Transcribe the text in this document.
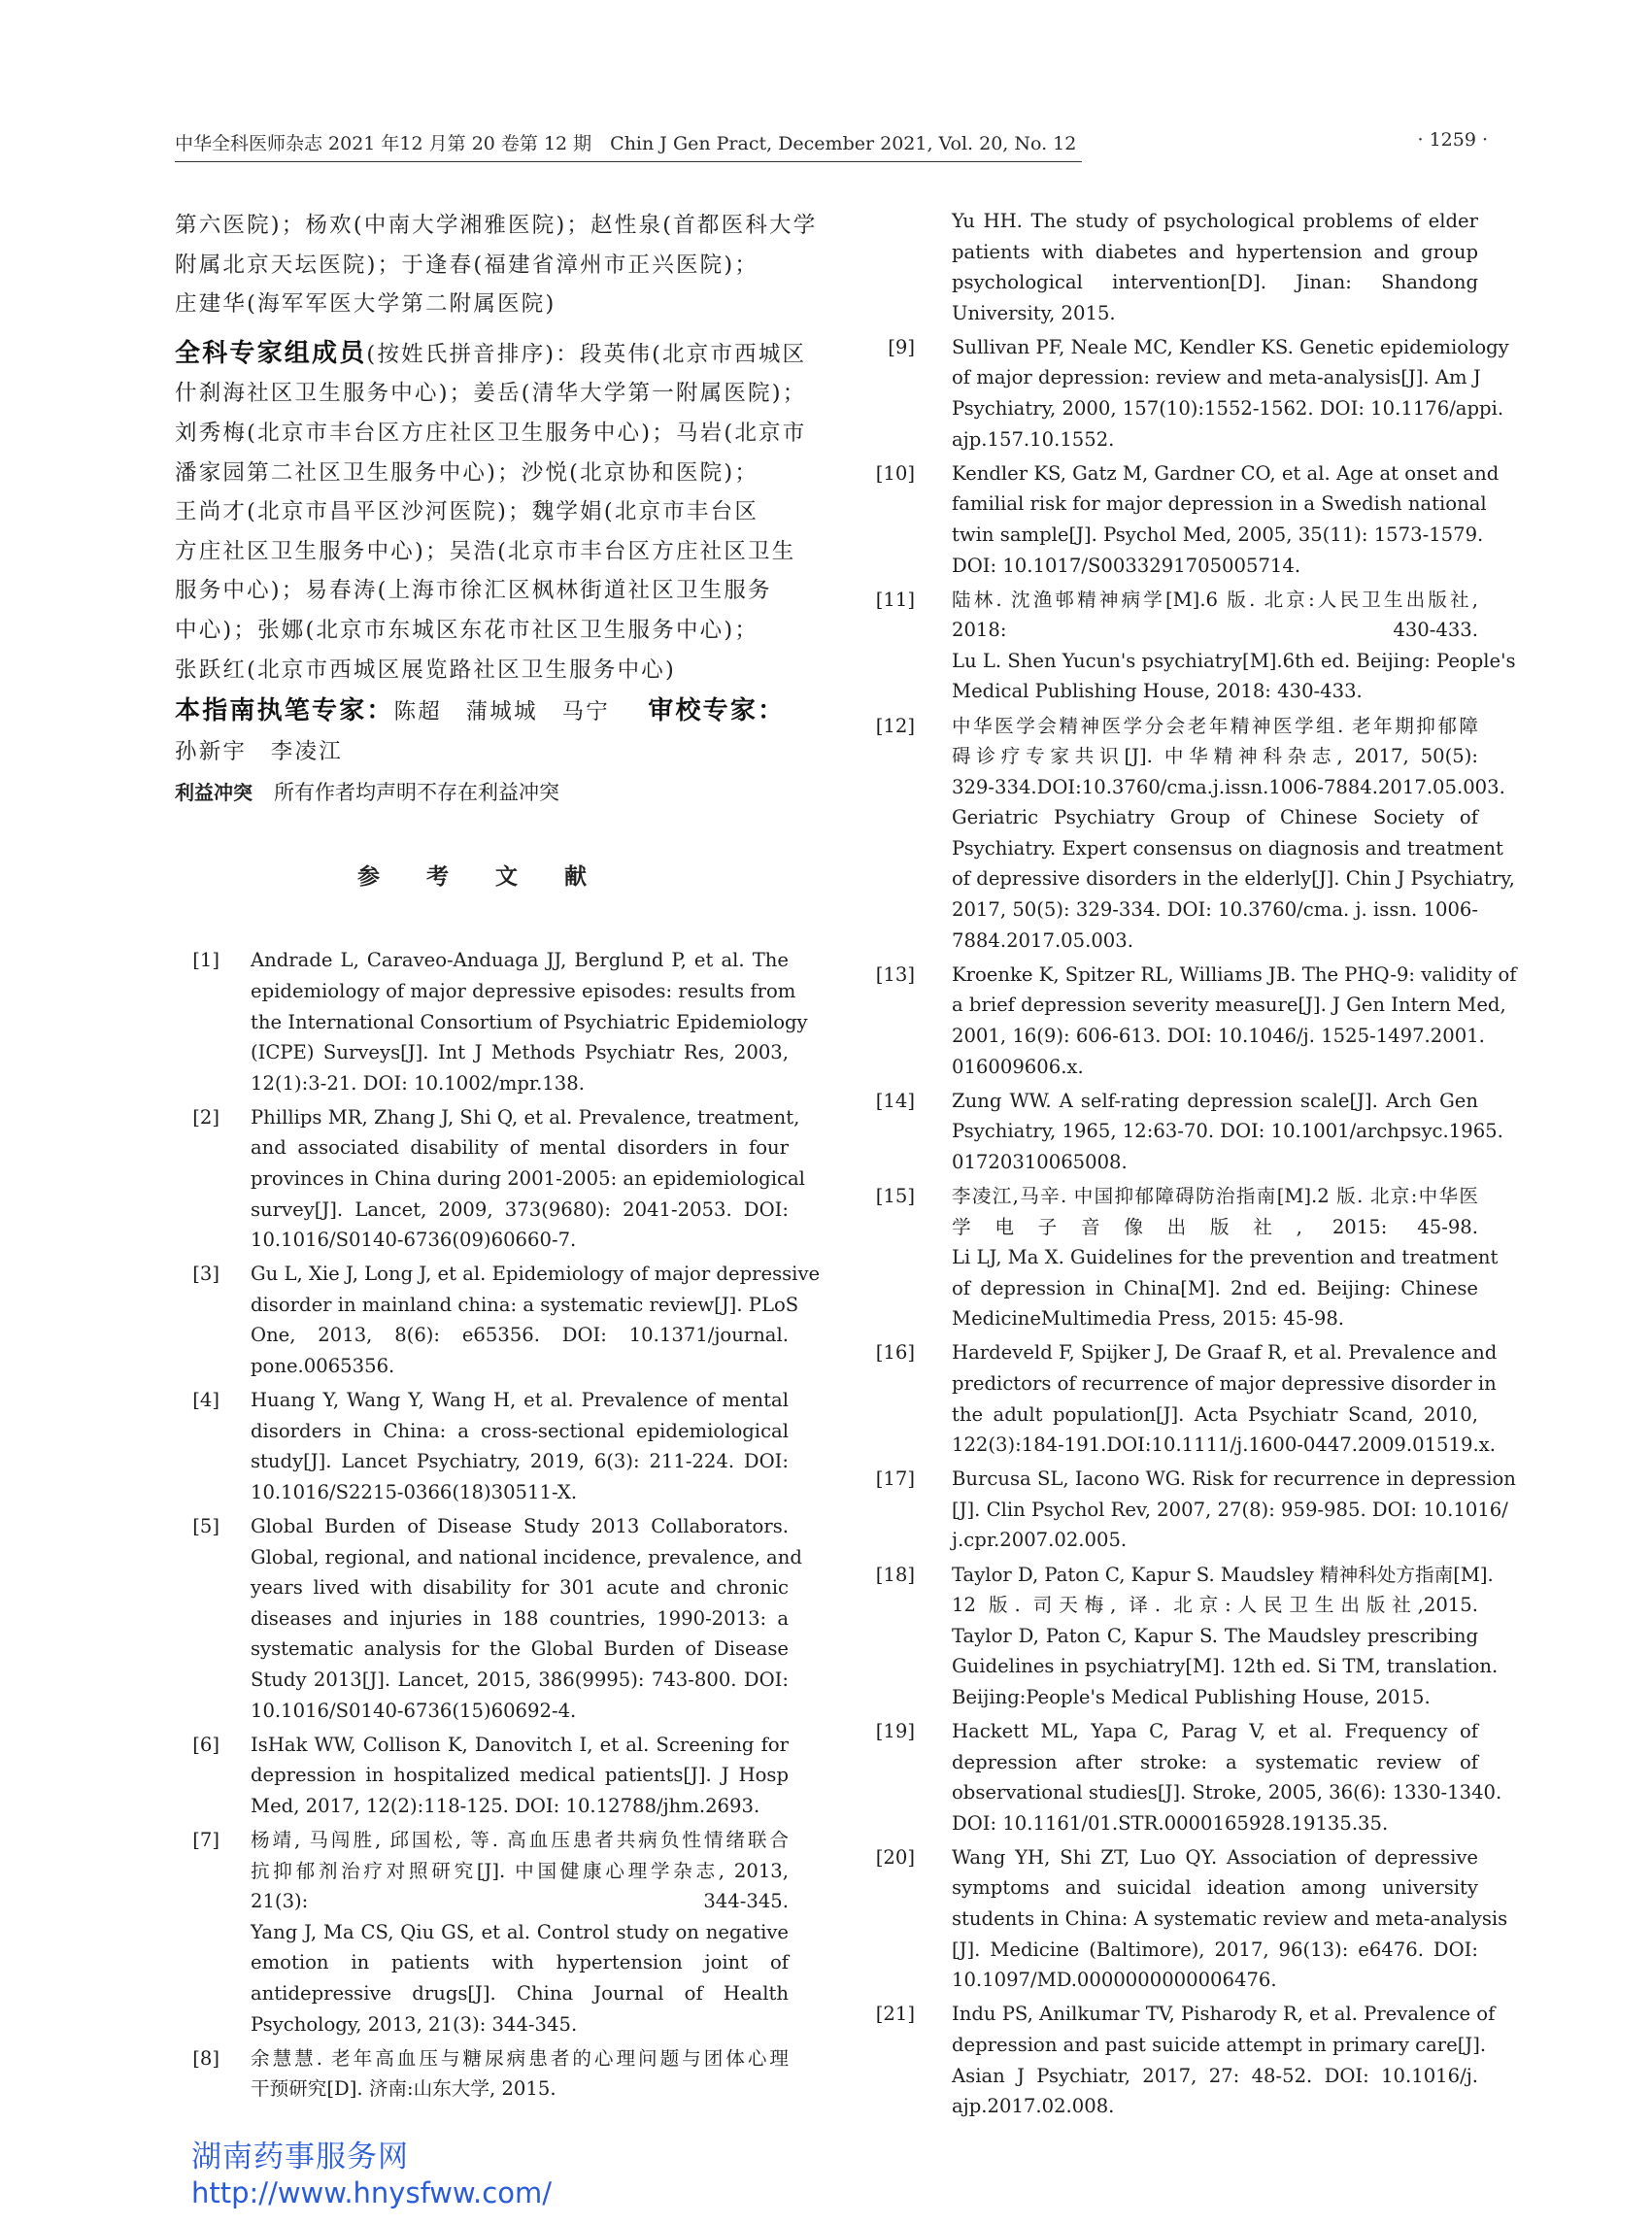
中华全科医师杂志 2021 年12 月第 20 卷第 12 期　Chin J Gen Pract, December 2021, Vol. 20, No. 12	· 1259 ·
第六医院)；杨欢(中南大学湘雅医院)；赵性泉(首都医科大学
附属北京天坛医院)；于逢春(福建省漳州市正兴医院)；
庄建华(海军军医大学第二附属医院)
全科专家组成员(按姓氏拼音排序)：段英伟(北京市西城区
什刹海社区卫生服务中心)；姜岳(清华大学第一附属医院)；
刘秀梅(北京市丰台区方庄社区卫生服务中心)；马岩(北京市
潘家园第二社区卫生服务中心)；沙悦(北京协和医院)；
王尚才(北京市昌平区沙河医院)；魏学娟(北京市丰台区
方庄社区卫生服务中心)；吴浩(北京市丰台区方庄社区卫生
服务中心)；易春涛(上海市徐汇区枫林街道社区卫生服务
中心)；张娜(北京市东城区东花市社区卫生服务中心)；
张跃红(北京市西城区展览路社区卫生服务中心)
本指南执笔专家：陈超　蒲城城　马宁 审校专家：
孙新宇　李凌江
利益冲突 所有作者均声明不存在利益冲突
参 考 文 献
[1] Andrade L, Caraveo-Anduaga JJ, Berglund P, et al. The
epidemiology of major depressive episodes: results from
the International Consortium of Psychiatric Epidemiology
(ICPE) Surveys[J]. Int J Methods Psychiatr Res, 2003,
12(1):3-21. DOI: 10.1002/mpr.138.
[2] Phillips MR, Zhang J, Shi Q, et al. Prevalence, treatment,
and associated disability of mental disorders in four
provinces in China during 2001-2005: an epidemiological
survey[J]. Lancet, 2009, 373(9680): 2041-2053. DOI:
10.1016/S0140-6736(09)60660-7.
[3] Gu L, Xie J, Long J, et al. Epidemiology of major depressive
disorder in mainland china: a systematic review[J]. PLoS
One, 2013, 8(6): e65356. DOI: 10.1371/journal.
pone.0065356.
[4] Huang Y, Wang Y, Wang H, et al. Prevalence of mental
disorders in China: a cross-sectional epidemiological
study[J]. Lancet Psychiatry, 2019, 6(3): 211-224. DOI:
10.1016/S2215-0366(18)30511-X.
[5] Global Burden of Disease Study 2013 Collaborators.
Global, regional, and national incidence, prevalence, and
years lived with disability for 301 acute and chronic
diseases and injuries in 188 countries, 1990-2013: a
systematic analysis for the Global Burden of Disease
Study 2013[J]. Lancet, 2015, 386(9995): 743-800. DOI:
10.1016/S0140-6736(15)60692-4.
[6] IsHak WW, Collison K, Danovitch I, et al. Screening for
depression in hospitalized medical patients[J]. J Hosp
Med, 2017, 12(2):118-125. DOI: 10.12788/jhm.2693.
[7] 杨靖, 马闯胜, 邱国松, 等. 高血压患者共病负性情绪联合
抗抑郁剂治疗对照研究[J]. 中国健康心理学杂志, 2013,
21(3): 344-345.
Yang J, Ma CS, Qiu GS, et al. Control study on negative
emotion in patients with hypertension joint of
antidepressive drugs[J]. China Journal of Health
Psychology, 2013, 21(3): 344-345.
[8] 余慧慧. 老年高血压与糖尿病患者的心理问题与团体心理
干预研究[D]. 济南:山东大学, 2015.
Yu HH. The study of psychological problems of elder
patients with diabetes and hypertension and group
psychological intervention[D]. Jinan: Shandong
University, 2015.
[9] Sullivan PF, Neale MC, Kendler KS. Genetic epidemiology
of major depression: review and meta-analysis[J]. Am J
Psychiatry, 2000, 157(10):1552-1562. DOI: 10.1176/appi.
ajp.157.10.1552.
[10] Kendler KS, Gatz M, Gardner CO, et al. Age at onset and
familial risk for major depression in a Swedish national
twin sample[J]. Psychol Med, 2005, 35(11): 1573-1579.
DOI: 10.1017/S0033291705005714.
[11] 陆林. 沈渔邨精神病学[M].6 版. 北京:人民卫生出版社,
2018: 430-433.
Lu L. Shen Yucun's psychiatry[M].6th ed. Beijing: People's
Medical Publishing House, 2018: 430-433.
[12] 中华医学会精神医学分会老年精神医学组. 老年期抑郁障
碍诊疗专家共识[J]. 中华精神科杂志, 2017, 50(5):
329-334.DOI:10.3760/cma.j.issn.1006-7884.2017.05.003.
Geriatric Psychiatry Group of Chinese Society of
Psychiatry. Expert consensus on diagnosis and treatment
of depressive disorders in the elderly[J]. Chin J Psychiatry,
2017, 50(5): 329-334. DOI: 10.3760/cma. j. issn. 1006-
7884.2017.05.003.
[13] Kroenke K, Spitzer RL, Williams JB. The PHQ-9: validity of
a brief depression severity measure[J]. J Gen Intern Med,
2001, 16(9): 606-613. DOI: 10.1046/j. 1525-1497.2001.
016009606.x.
[14] Zung WW. A self-rating depression scale[J]. Arch Gen
Psychiatry, 1965, 12:63-70. DOI: 10.1001/archpsyc.1965.
01720310065008.
[15] 李凌江,马辛. 中国抑郁障碍防治指南[M].2 版. 北京:中华医
学电子音像出版社, 2015: 45-98.
Li LJ, Ma X. Guidelines for the prevention and treatment
of depression in China[M]. 2nd ed. Beijing: Chinese
MedicineMultimedia Press, 2015: 45-98.
[16] Hardeveld F, Spijker J, De Graaf R, et al. Prevalence and
predictors of recurrence of major depressive disorder in
the adult population[J]. Acta Psychiatr Scand, 2010,
122(3):184-191.DOI:10.1111/j.1600-0447.2009.01519.x.
[17] Burcusa SL, Iacono WG. Risk for recurrence in depression
[J]. Clin Psychol Rev, 2007, 27(8): 959-985. DOI: 10.1016/
j.cpr.2007.02.005.
[18] Taylor D, Paton C, Kapur S. Maudsley 精神科处方指南[M].
12 版. 司天梅, 译. 北京:人民卫生出版社,2015.
Taylor D, Paton C, Kapur S. The Maudsley prescribing
Guidelines in psychiatry[M]. 12th ed. Si TM, translation.
Beijing:People's Medical Publishing House, 2015.
[19] Hackett ML, Yapa C, Parag V, et al. Frequency of
depression after stroke: a systematic review of
observational studies[J]. Stroke, 2005, 36(6): 1330-1340.
DOI: 10.1161/01.STR.0000165928.19135.35.
[20] Wang YH, Shi ZT, Luo QY. Association of depressive
symptoms and suicidal ideation among university
students in China: A systematic review and meta-analysis
[J]. Medicine (Baltimore), 2017, 96(13): e6476. DOI:
10.1097/MD.0000000000006476.
[21] Indu PS, Anilkumar TV, Pisharody R, et al. Prevalence of
depression and past suicide attempt in primary care[J].
Asian J Psychiatr, 2017, 27: 48-52. DOI: 10.1016/j.
ajp.2017.02.008.
湖南药事服务网
http://www.hnysfww.com/
